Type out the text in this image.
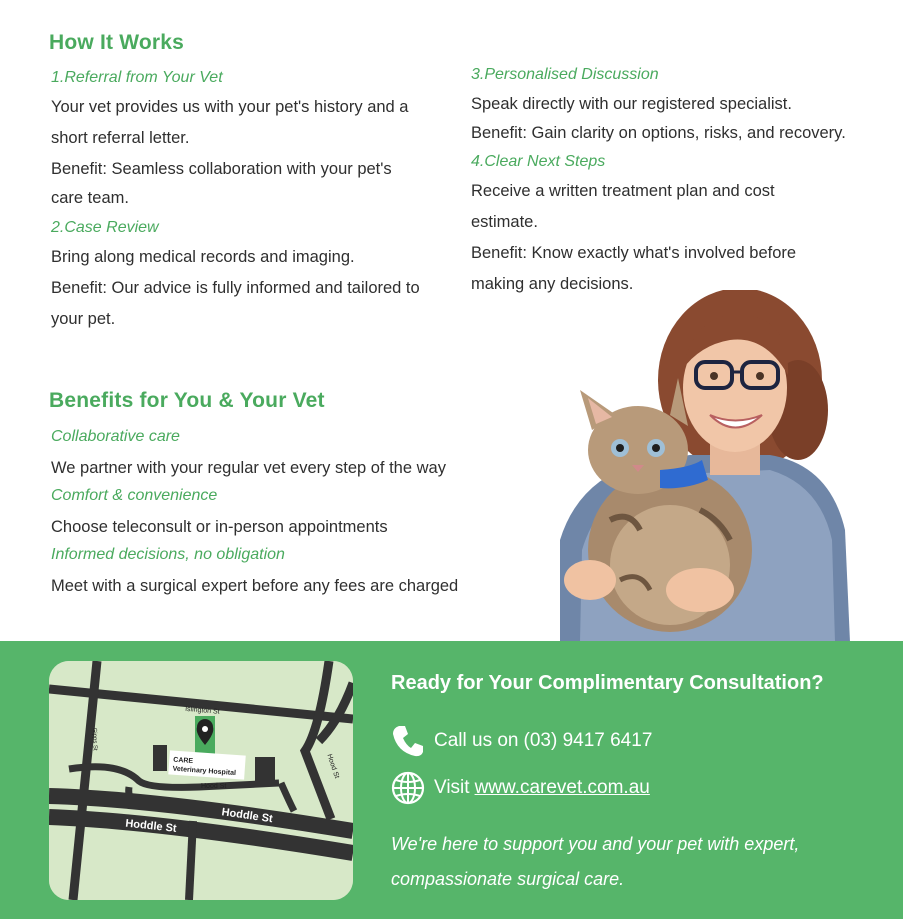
How It Works
1.Referral from Your Vet

Your vet provides us with your pet's history and a

short referral letter.

Benefit: Seamless collaboration with your pet's

care team.

2.Case Review

Bring along medical records and imaging.

Benefit: Our advice is fully informed and tailored to

your pet.

3.Personalised Discussion

Speak directly with our registered specialist.

Benefit: Gain clarity on options, risks, and recovery.

4.Clear Next Steps

Receive a written treatment plan and cost

estimate.

Benefit: Know exactly what's involved before

making any decisions.

Benefits for You & Your Vet
Collaborative care

We partner with your regular vet every step of the way

Comfort & convenience

Choose teleconsult or in-person appointments

Informed decisions, no obligation

Meet with a surgical expert before any fees are charged

CARE
Veterinary Hospital
Islington St
Gipps St
Hood St
Hood St
Hoddle St
Hoddle St
Ready for Your Complimentary Consultation?
Call us on (03) 9417 6417
Visit www.carevet.com.au
We're here to support you and your pet with expert, compassionate surgical care.
